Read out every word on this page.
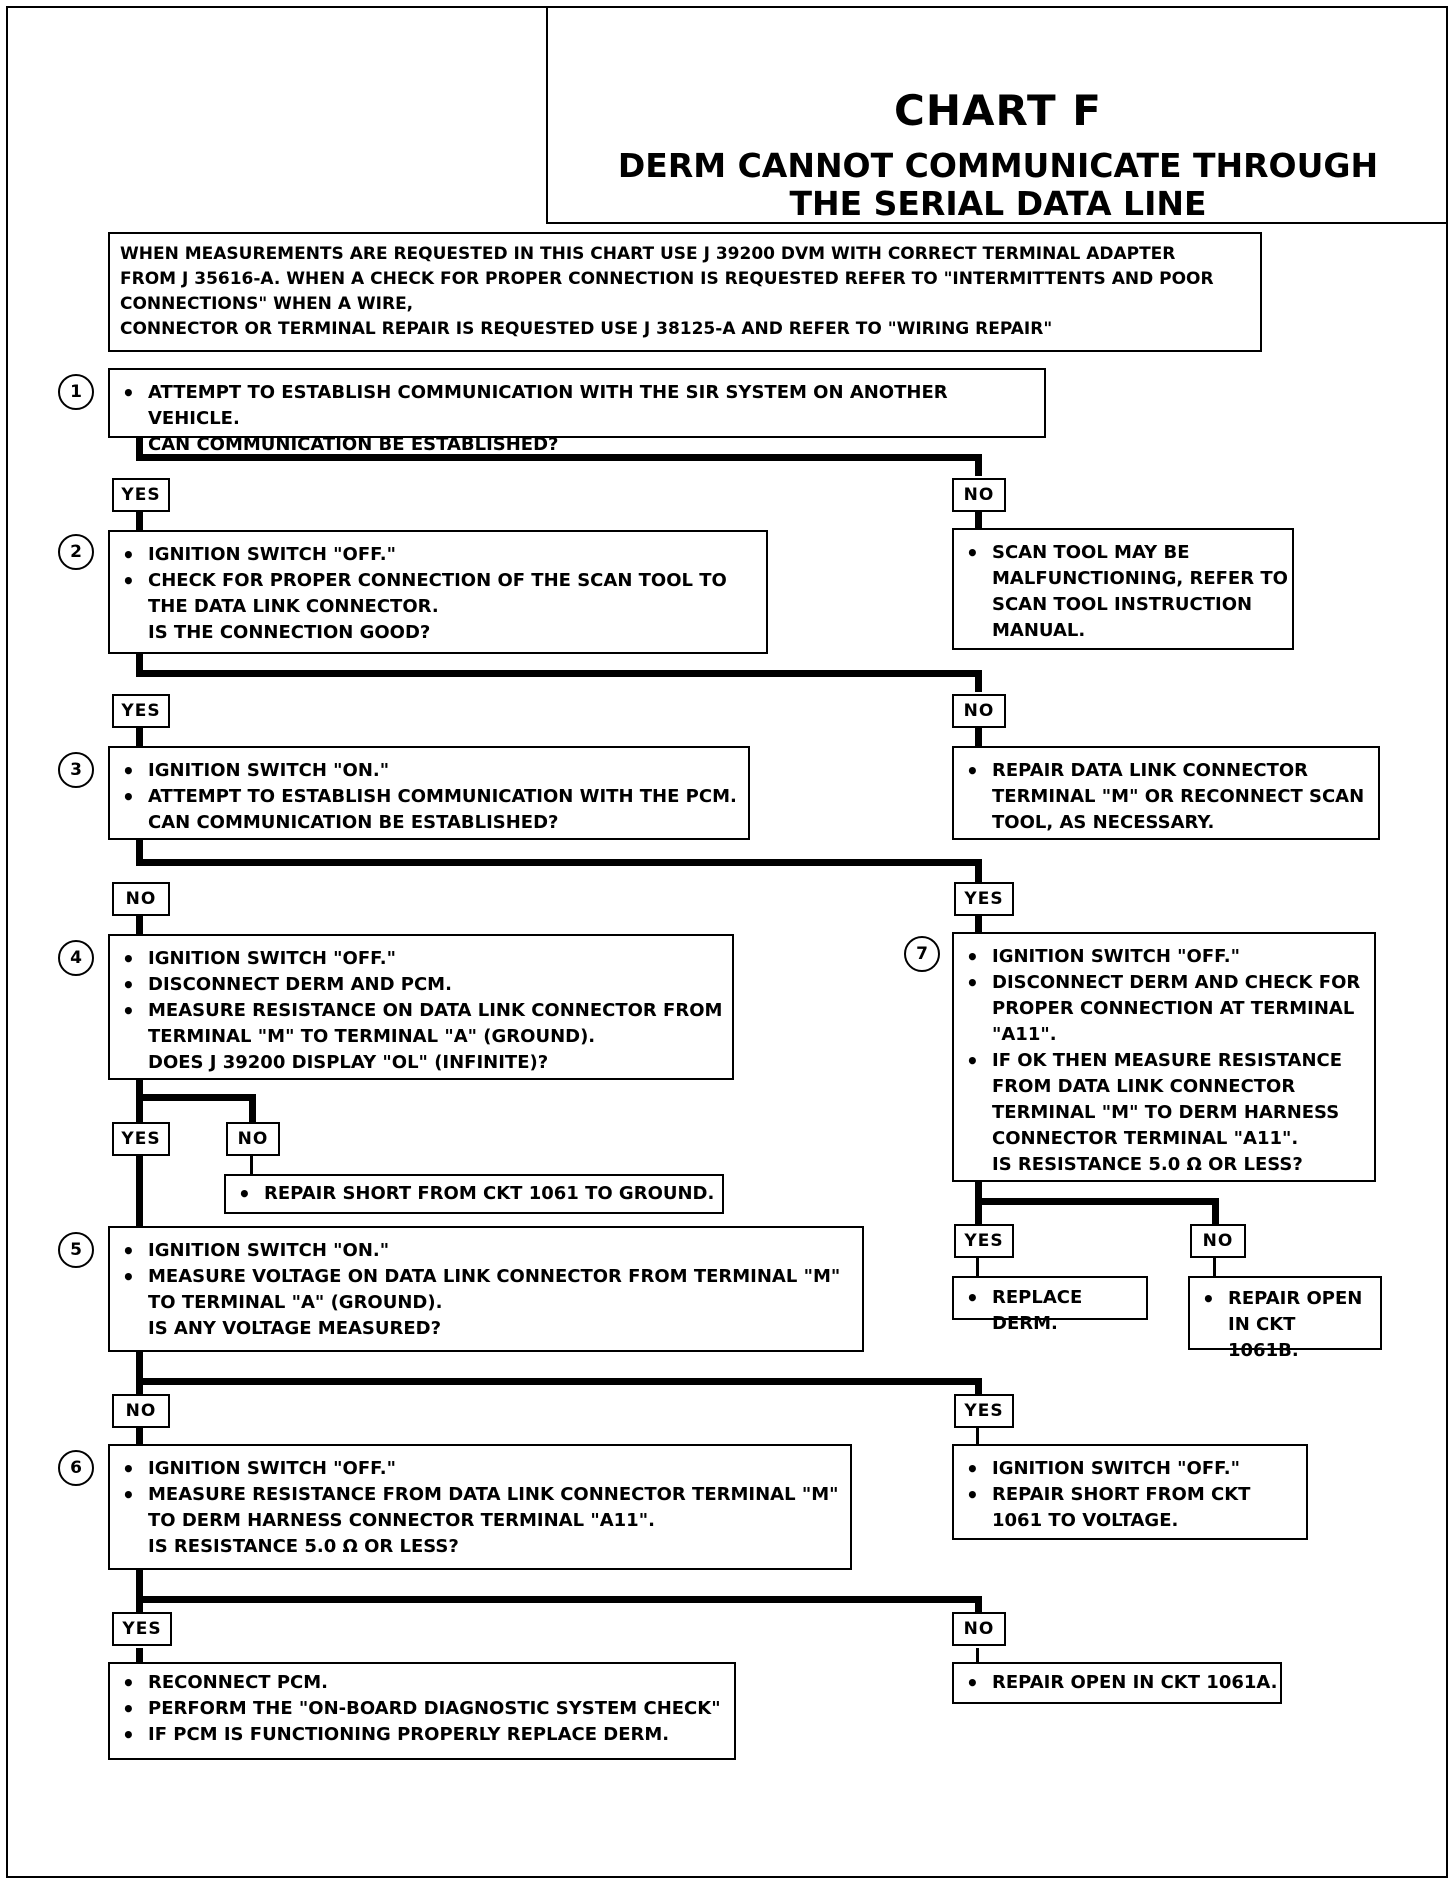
CHART F
DERM CANNOT COMMUNICATE THROUGH THE SERIAL DATA LINE
WHEN MEASUREMENTS ARE REQUESTED IN THIS CHART USE J 39200 DVM WITH CORRECT TERMINAL ADAPTER
FROM J 35616-A. WHEN A CHECK FOR PROPER CONNECTION IS REQUESTED REFER TO "INTERMITTENTS AND POOR
CONNECTIONS" WHEN A WIRE,
CONNECTOR OR TERMINAL REPAIR IS REQUESTED USE J 38125-A AND REFER TO "WIRING REPAIR"
1	• ATTEMPT TO ESTABLISH COMMUNICATION WITH THE SIR SYSTEM ON ANOTHER VEHICLE.
CAN COMMUNICATION BE ESTABLISHED?
YES	NO
2	• IGNITION SWITCH "OFF."
• CHECK FOR PROPER CONNECTION OF THE SCAN TOOL TO THE DATA LINK CONNECTOR.
IS THE CONNECTION GOOD?
• SCAN TOOL MAY BE MALFUNCTIONING, REFER TO SCAN TOOL INSTRUCTION MANUAL.
YES	NO
3	• IGNITION SWITCH "ON."
• ATTEMPT TO ESTABLISH COMMUNICATION WITH THE PCM.
CAN COMMUNICATION BE ESTABLISHED?
• REPAIR DATA LINK CONNECTOR TERMINAL "M" OR RECONNECT SCAN TOOL, AS NECESSARY.
NO	YES
4	• IGNITION SWITCH "OFF."
• DISCONNECT DERM AND PCM.
• MEASURE RESISTANCE ON DATA LINK CONNECTOR FROM TERMINAL "M" TO TERMINAL "A" (GROUND).
DOES J 39200 DISPLAY "OL" (INFINITE)?
YES	NO
• REPAIR SHORT FROM CKT 1061 TO GROUND.
7	• IGNITION SWITCH "OFF."
• DISCONNECT DERM AND CHECK FOR PROPER CONNECTION AT TERMINAL "A11".
• IF OK THEN MEASURE RESISTANCE FROM DATA LINK CONNECTOR TERMINAL "M" TO DERM HARNESS CONNECTOR TERMINAL "A11".
IS RESISTANCE 5.0 Ω OR LESS?
YES	NO
• REPLACE DERM.
• REPAIR OPEN IN CKT 1061B.
5	• IGNITION SWITCH "ON."
• MEASURE VOLTAGE ON DATA LINK CONNECTOR FROM TERMINAL "M" TO TERMINAL "A" (GROUND).
IS ANY VOLTAGE MEASURED?
NO	YES
6	• IGNITION SWITCH "OFF."
• MEASURE RESISTANCE FROM DATA LINK CONNECTOR TERMINAL "M" TO DERM HARNESS CONNECTOR TERMINAL "A11".
IS RESISTANCE 5.0 Ω OR LESS?
• IGNITION SWITCH "OFF."
• REPAIR SHORT FROM CKT 1061 TO VOLTAGE.
YES	NO
• RECONNECT PCM.
• PERFORM THE "ON-BOARD DIAGNOSTIC SYSTEM CHECK"
• IF PCM IS FUNCTIONING PROPERLY REPLACE DERM.
• REPAIR OPEN IN CKT 1061A.
